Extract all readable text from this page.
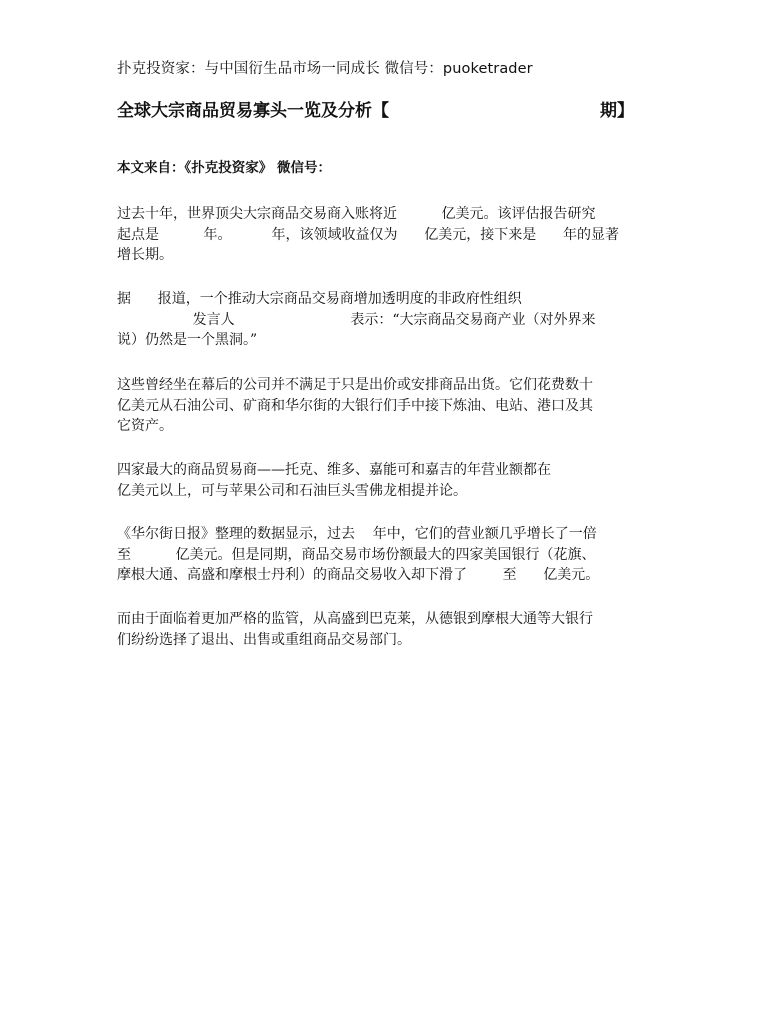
扑克投资家：与中国衍生品市场一同成长 微信号：puoketrader
全球大宗商品贸易寡头一览及分析【	期】
本文来自：《扑克投资家》 微信号：
过去十年，世界顶尖大宗商品交易商入账将近          亿美元。该评估报告研究
起点是          年。         年，该领域收益仅为      亿美元，接下来是      年的显著
增长期。
据      报道，一个推动大宗商品交易商增加透明度的非政府性组织
发言人                          表示：“大宗商品交易商产业（对外界来
说）仍然是一个黑洞。”
这些曾经坐在幕后的公司并不满足于只是出价或安排商品出货。它们花费数十
亿美元从石油公司、矿商和华尔街的大银行们手中接下炼油、电站、港口及其
它资产。
四家最大的商品贸易商——托克、维多、嘉能可和嘉吉的年营业额都在
亿美元以上，可与苹果公司和石油巨头雪佛龙相提并论。
《华尔街日报》整理的数据显示，过去    年中，它们的营业额几乎增长了一倍
至          亿美元。但是同期，商品交易市场份额最大的四家美国银行（花旗、
摩根大通、高盛和摩根士丹利）的商品交易收入却下滑了        至      亿美元。
而由于面临着更加严格的监管，从高盛到巴克莱，从德银到摩根大通等大银行
们纷纷选择了退出、出售或重组商品交易部门。
